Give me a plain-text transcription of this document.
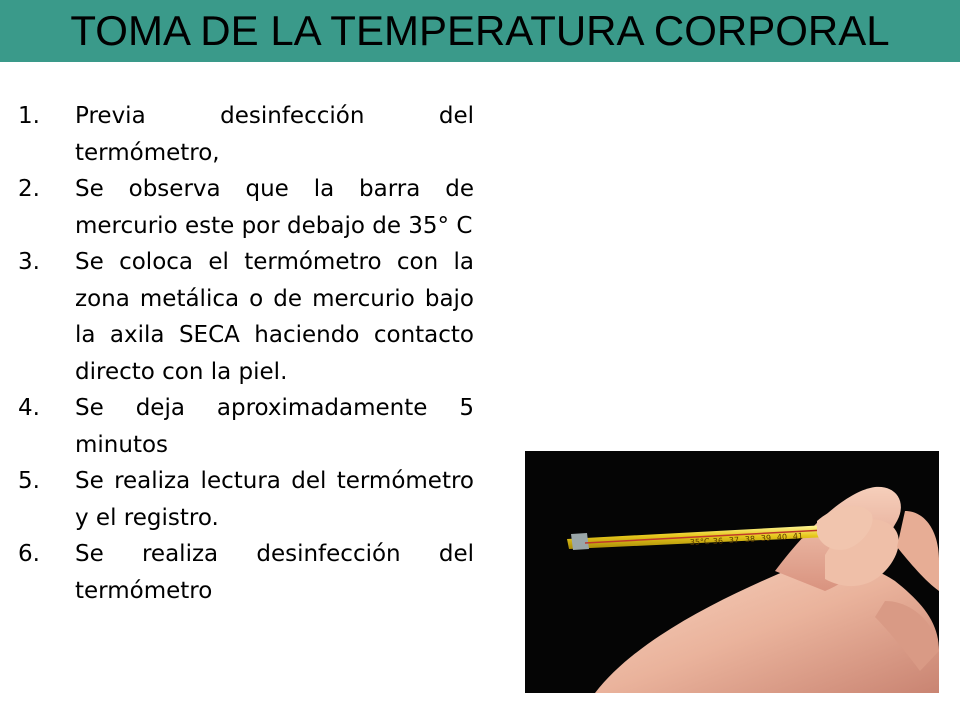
TOMA DE LA TEMPERATURA CORPORAL
1. Previa desinfección del termómetro,
2. Se observa que la barra de mercurio este por debajo de 35° C
3. Se coloca el termómetro con la zona metálica o de mercurio bajo la axila SECA haciendo contacto directo con la piel.
4. Se deja aproximadamente 5 minutos
5. Se realiza lectura del termómetro y el registro.
6. Se realiza desinfección del termómetro
35°C 36 37 38 39 40 41
